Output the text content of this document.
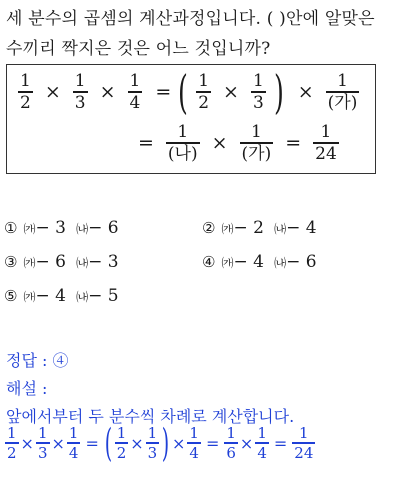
세 분수의 곱셈의 계산과정입니다. ( )안에 알맞은
수끼리 짝지은 것은 어느 것입니까?
$\frac{1}{2} \times \frac{1}{3} \times \frac{1}{4}$ = ( $\frac{1}{2} \times \frac{1}{3}$ ) × $\frac{1}{\text{(가)}}$
= $\frac{1}{\text{(나)}} \times \frac{1}{\text{(가)}} = \frac{1}{24}$
① ㈎− 3 ㈏− 6	② ㈎− 2 ㈏− 4
③ ㈎− 6 ㈏− 3	④ ㈎− 4 ㈏− 6
⑤ ㈎− 4 ㈏− 5
정답 : ④
해설 :
앞에서부터 두 분수씩 차례로 계산합니다.
$\frac{1}{2} \times \frac{1}{3} \times \frac{1}{4}$ = ( $\frac{1}{2} \times \frac{1}{3}$ ) × $\frac{1}{4} = \frac{1}{6} \times \frac{1}{4} = \frac{1}{24}$
